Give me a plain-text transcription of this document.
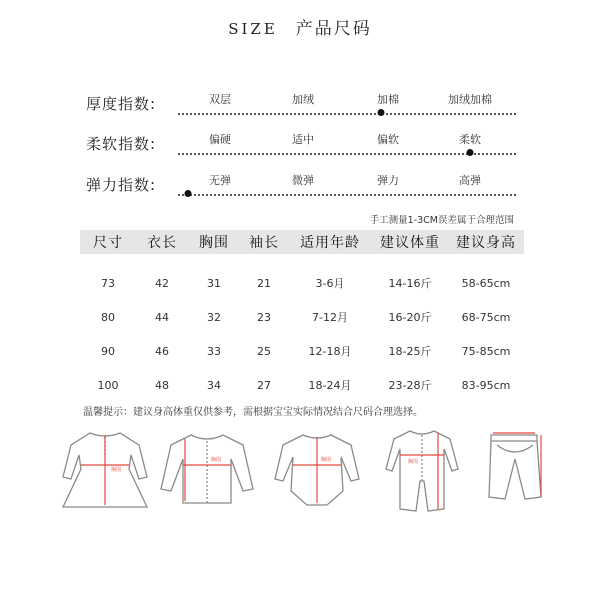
SIZE 产品尺码
厚度指数:	双层	加绒	加棉	加绒加棉
柔软指数:	偏硬	适中	偏软	柔软
弹力指数:	无弹	微弹	弹力	高弹
手工测量1-3CM误差属于合理范围
尺寸	衣长	胸围	袖长	适用年龄	建议体重	建议身高
73	42	31	21	3-6月	14-16斤	58-65cm
80	44	32	23	7-12月	16-20斤	68-75cm
90	46	33	25	12-18月	18-25斤	75-85cm
100	48	34	27	18-24月	23-28斤	83-95cm
温馨提示：建议身高体重仅供参考，需根据宝宝实际情况结合尺码合理选择。
胸围
胸围	胸围	胸围
